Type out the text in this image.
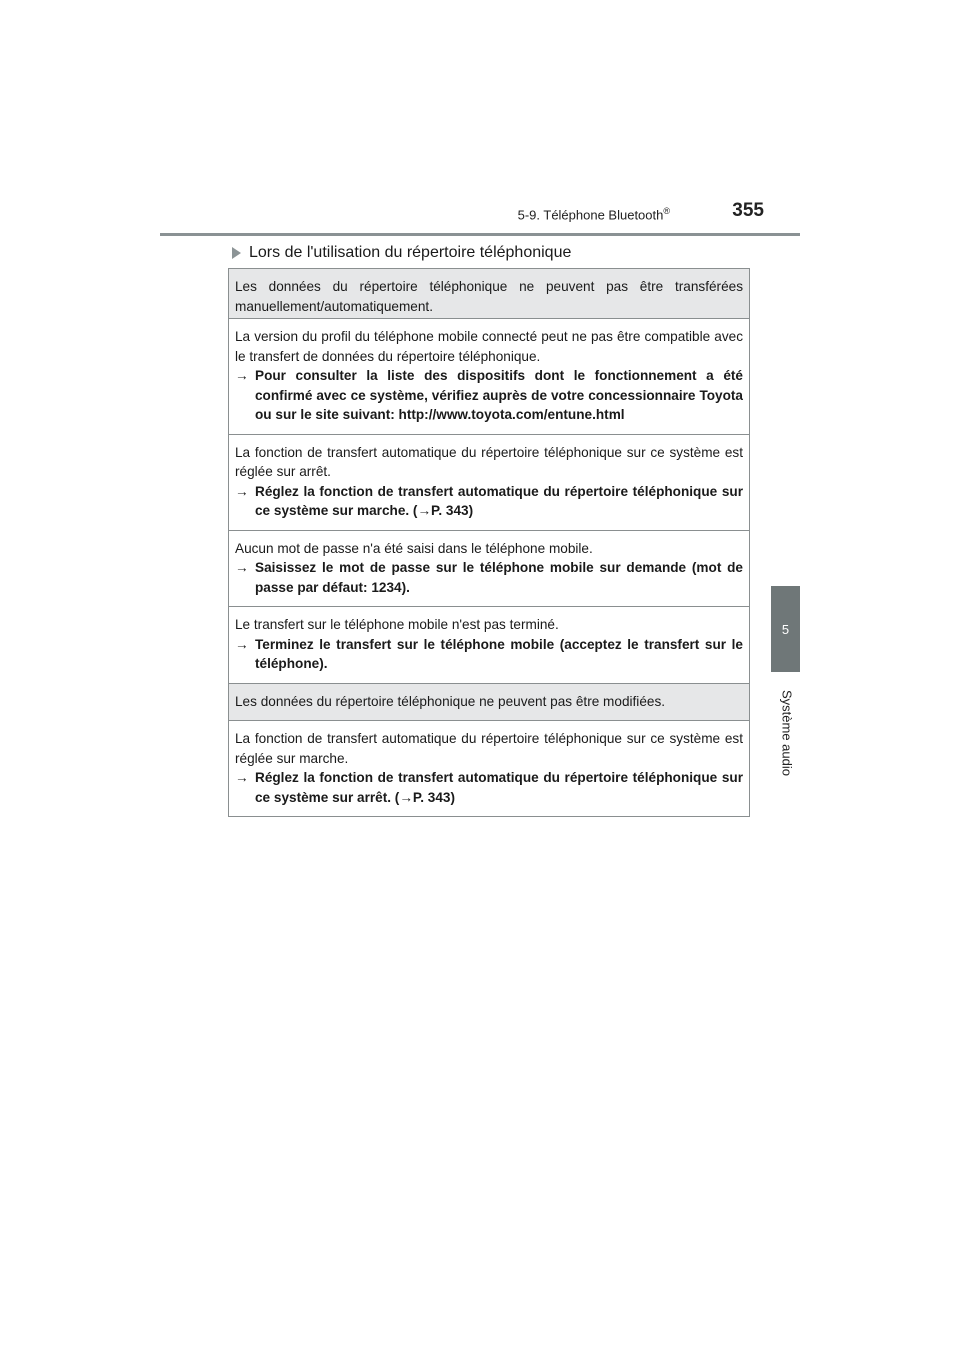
5-9. Téléphone Bluetooth®	355
5
Système audio
Lors de l'utilisation du répertoire téléphonique
Les données du répertoire téléphonique ne peuvent pas être transférées manuellement/automatiquement.
La version du profil du téléphone mobile connecté peut ne pas être compatible avec le transfert de données du répertoire téléphonique.
→ Pour consulter la liste des dispositifs dont le fonctionnement a été confirmé avec ce système, vérifiez auprès de votre concessionnaire Toyota ou sur le site suivant: http://www.toyota.com/entune.html
La fonction de transfert automatique du répertoire téléphonique sur ce système est réglée sur arrêt.
→ Réglez la fonction de transfert automatique du répertoire téléphonique sur ce système sur marche. (→P. 343)
Aucun mot de passe n'a été saisi dans le téléphone mobile.
→ Saisissez le mot de passe sur le téléphone mobile sur demande (mot de passe par défaut: 1234).
Le transfert sur le téléphone mobile n'est pas terminé.
→ Terminez le transfert sur le téléphone mobile (acceptez le transfert sur le téléphone).
Les données du répertoire téléphonique ne peuvent pas être modifiées.
La fonction de transfert automatique du répertoire téléphonique sur ce système est réglée sur marche.
→ Réglez la fonction de transfert automatique du répertoire téléphonique sur ce système sur arrêt. (→P. 343)
